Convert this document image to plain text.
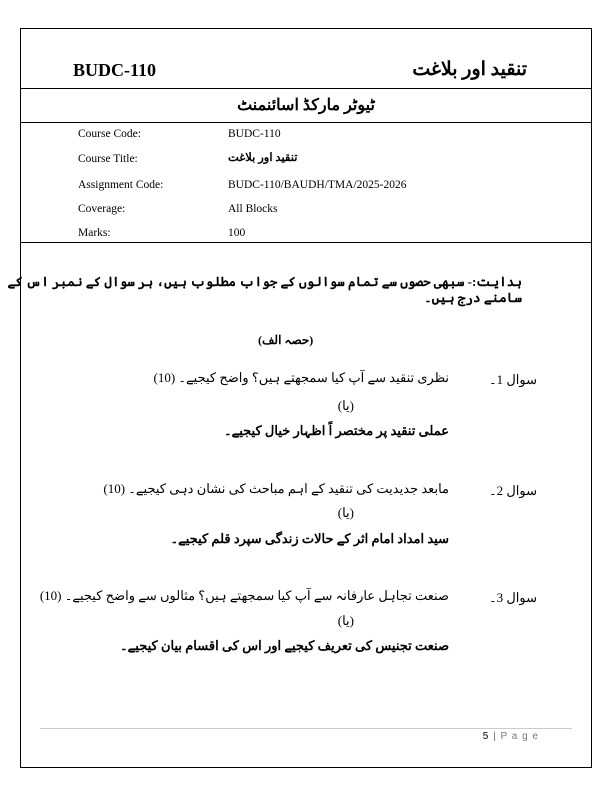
BUDC-110	تنقید اور بلاغت
ٹیوٹر مارکڈ اسائنمنٹ
Course Code:	BUDC-110
Course Title:	تنقید اور بلاغت
Assignment Code:	BUDC-110/BAUDH/TMA/2025-2026
Coverage:	All Blocks
Marks:	100
ہدایت:- سبھی حصوں سے تمام سوالوں کے جواب مطلوب ہیں، ہر سوال کے نمبر اس کے سامنے درج ہیں۔
(حصہ الف)
سوال 1۔
نظری تنقید سے آپ کیا سمجھتے ہیں؟ واضح کیجیے۔ (10)
(یا)
عملی تنقید پر مختصر اً اظہار خیال کیجیے۔
سوال 2۔
مابعد جدیدیت کی تنقید کے اہم مباحث کی نشان دہی کیجیے۔ (10)
(یا)
سید امداد امام اثر کے حالات زندگی سپرد قلم کیجیے۔
سوال 3۔
صنعت تجاہل عارفانہ سے آپ کیا سمجھتے ہیں؟ مثالوں سے واضح کیجیے۔ (10)
(یا)
صنعت تجنیس کی تعریف کیجیے اور اس کی اقسام بیان کیجیے۔
5 | P a g e
